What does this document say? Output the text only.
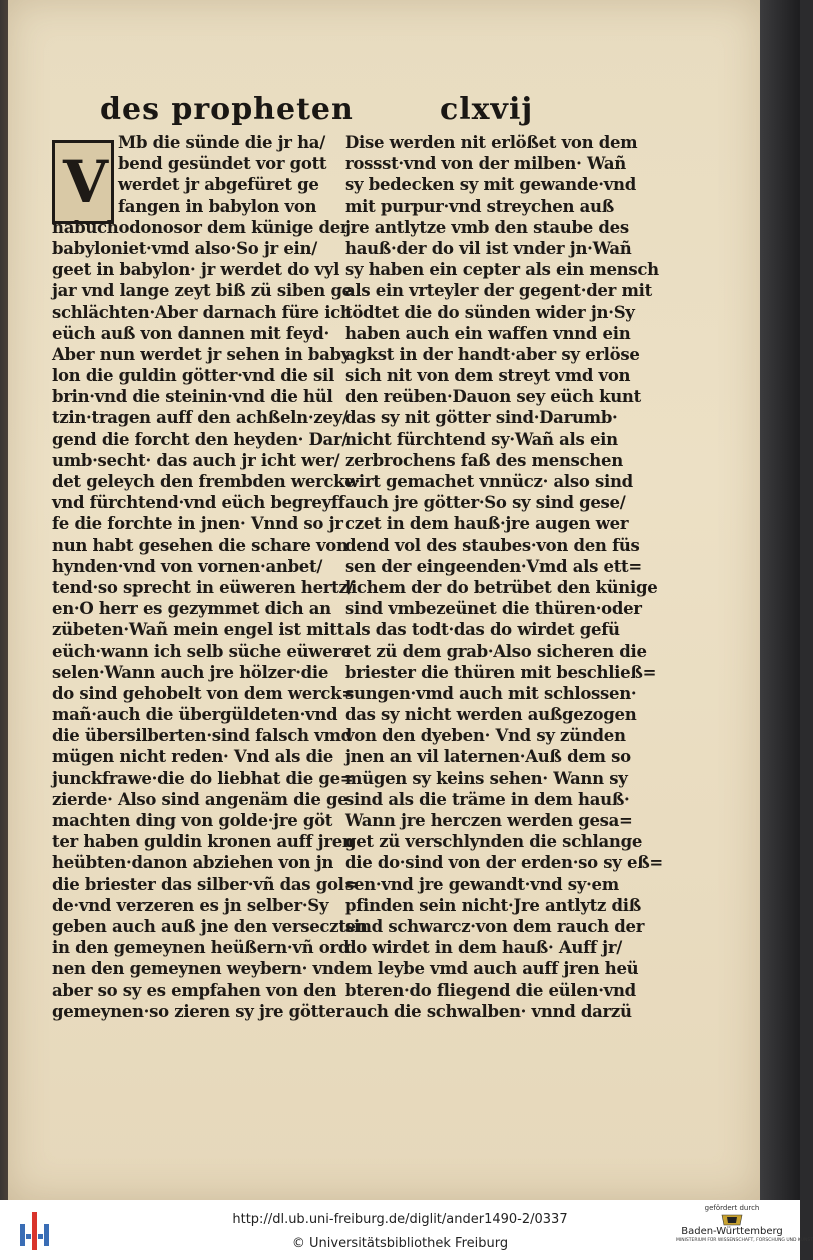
des propheten	clxvij
V
Mb die sünde die jr ha/
bend gesündet vor gott
werdet jr abgefüret ge
fangen in babylon von
nabuchodonosor dem künige der
babyloniet·vmd also·So jr ein/
geet in babylon· jr werdet do vyl
jar vnd lange zeyt biß zü siben ge
schlächten·Aber darnach füre ich
eüch auß von dannen mit feyd·
Aber nun werdet jr sehen in baby
lon die guldin götter·vnd die sil
brin·vnd die steinin·vnd die hül
tzin·tragen auff den achßeln·zey/
gend die forcht den heyden· Dar/
umb·secht· das auch jr icht wer/
det geleych den frembden wercke·
vnd fürchtend·vnd eüch begreyff
fe die forchte in jnen· Vnnd so jr
nun habt gesehen die schare von
hynden·vnd von vornen·anbet/
tend·so sprecht in eüweren hertz/
en·O herr es gezymmet dich an
zübeten·Wañ mein engel ist mitt
eüch·wann ich selb süche eüwere
selen·Wann auch jre hölzer·die
do sind gehobelt von dem werck=
mañ·auch die übergüldeten·vnd
die übersilberten·sind falsch vmd
mügen nicht reden· Vnd als die
junckfrawe·die do liebhat die ge=
zierde· Also sind angenäm die ge
machten ding von golde·jre göt
ter haben guldin kronen auff jren
heübten·danon abziehen von jn
die briester das silber·vñ das gol=
de·vnd verzeren es jn selber·Sy
geben auch auß jne den verseczten
in den gemeynen heüßern·vñ ord
nen den gemeynen weybern· vnd
aber so sy es empfahen von den
gemeynen·so zieren sy jre götter
Dise werden nit erlößet von dem
rossst·vnd von der milben· Wañ
sy bedecken sy mit gewande·vnd
mit purpur·vnd streychen auß
jre antlytze vmb den staube des
hauß·der do vil ist vnder jn·Wañ
sy haben ein cepter als ein mensch
als ein vrteyler der gegent·der mit
tödtet die do sünden wider jn·Sy
haben auch ein waffen vnnd ein
agkst in der handt·aber sy erlöse
sich nit von dem streyt vmd von
den reüben·Dauon sey eüch kunt
das sy nit götter sind·Darumb·
nicht fürchtend sy·Wañ als ein
zerbrochens faß des menschen
wirt gemachet vnnücz· also sind
auch jre götter·So sy sind gese/
czet in dem hauß·jre augen wer
dend vol des staubes·von den füs
sen der eingeenden·Vmd als ett=
lichem der do betrübet den künige
sind vmbezeünet die thüren·oder
als das todt·das do wirdet gefü
ret zü dem grab·Also sicheren die
briester die thüren mit beschließ=
sungen·vmd auch mit schlossen·
das sy nicht werden außgezogen
von den dyeben· Vnd sy zünden
jnen an vil laternen·Auß dem so
mügen sy keins sehen· Wann sy
sind als die träme in dem hauß·
Wann jre herczen werden gesa=
get zü verschlynden die schlange
die do·sind von der erden·so sy eß=
sen·vnd jre gewandt·vnd sy·em
pfinden sein nicht·Jre antlytz diß
sind schwarcz·von dem rauch der
do wirdet in dem hauß· Auff jr/
em leybe vmd auch auff jren heü
bteren·do fliegend die eülen·vnd
auch die schwalben· vnnd darzü
http://dl.ub.uni-freiburg.de/diglit/ander1490-2/0337
© Universitätsbibliothek Freiburg
gefördert durch
Baden-Württemberg
MINISTERIUM FÜR WISSENSCHAFT, FORSCHUNG UND KUNST
